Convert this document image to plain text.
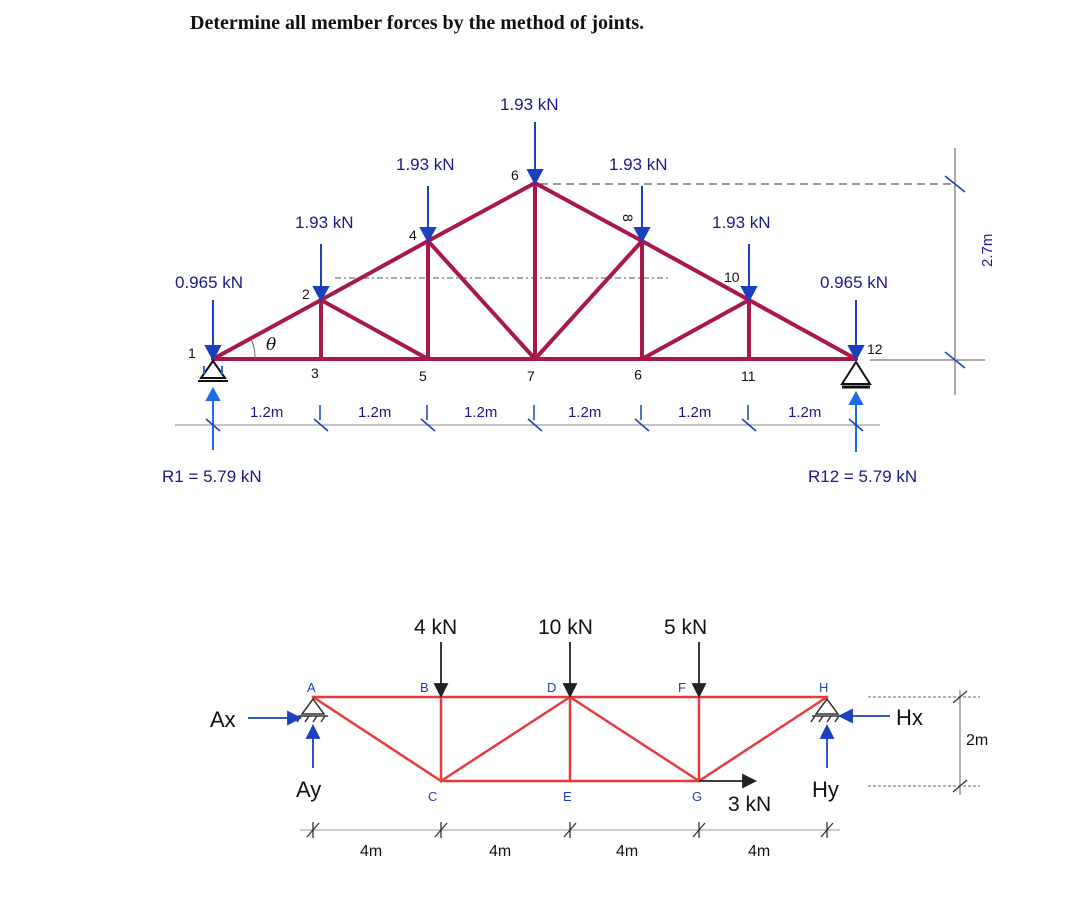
Determine all member forces by the method of joints.
0.965 kN
1.93 kN
1.93 kN
1.93 kN
1.93 kN
1.93 kN
0.965 kN
1
2
3
4
5
6
7
8
9
10
11
12
θ
1.2m	1.2m	1.2m	1.2m	1.2m	1.2m
2.7m
R1 = 5.79 kN	R12 = 5.79 kN
4 kN	10 kN	5 kN
3 kN
A	B
C
D
E
F
G
H
Ax
Ay
Hx
Hy
4m	4m	4m	4m
2m
